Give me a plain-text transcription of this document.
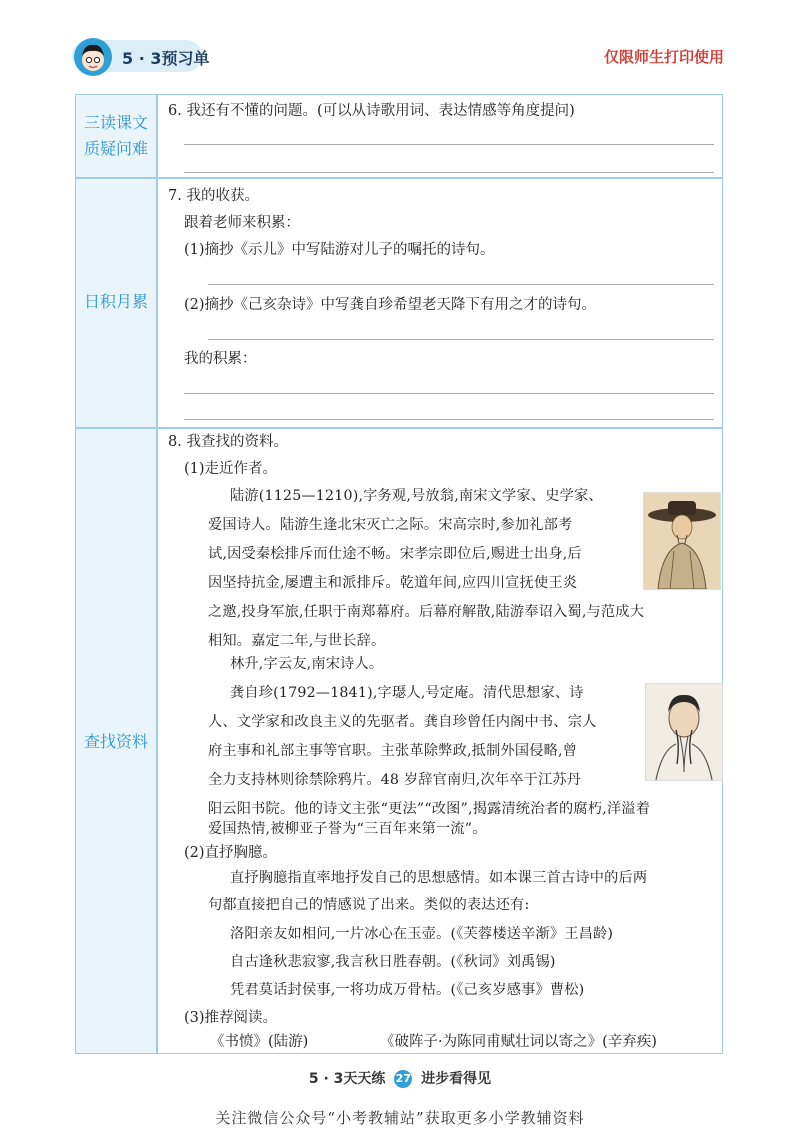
5 · 3预习单	仅限师生打印使用
三读课文
质疑问难
日积月累
查找资料
6. 我还有不懂的问题。(可以从诗歌用词、表达情感等角度提问)
7. 我的收获。
跟着老师来积累：
(1)摘抄《示儿》中写陆游对儿子的嘱托的诗句。
(2)摘抄《己亥杂诗》中写龚自珍希望老天降下有用之才的诗句。
我的积累：
8. 我查找的资料。
(1)走近作者。
陆游(1125—1210),字务观,号放翁,南宋文学家、史学家、
爱国诗人。陆游生逢北宋灭亡之际。宋高宗时,参加礼部考
试,因受秦桧排斥而仕途不畅。宋孝宗即位后,赐进士出身,后
因坚持抗金,屡遭主和派排斥。乾道年间,应四川宣抚使王炎
之邀,投身军旅,任职于南郑幕府。后幕府解散,陆游奉诏入蜀,与范成大
相知。嘉定二年,与世长辞。
林升,字云友,南宋诗人。
龚自珍(1792—1841),字璱人,号定庵。清代思想家、诗
人、文学家和改良主义的先驱者。龚自珍曾任内阁中书、宗人
府主事和礼部主事等官职。主张革除弊政,抵制外国侵略,曾
全力支持林则徐禁除鸦片。48 岁辞官南归,次年卒于江苏丹
阳云阳书院。他的诗文主张“更法”“改图”,揭露清统治者的腐朽,洋溢着
爱国热情,被柳亚子誉为“三百年来第一流”。
(2)直抒胸臆。
直抒胸臆指直率地抒发自己的思想感情。如本课三首古诗中的后两
句都直接把自己的情感说了出来。类似的表达还有:
洛阳亲友如相问,一片冰心在玉壶。(《芙蓉楼送辛渐》王昌龄)
自古逢秋悲寂寥,我言秋日胜春朝。(《秋词》刘禹锡)
凭君莫话封侯事,一将功成万骨枯。(《己亥岁感事》曹松)
(3)推荐阅读。
《书愤》(陆游)	《破阵子·为陈同甫赋壮词以寄之》(辛弃疾)
5 · 3天天练 27 进步看得见
关注微信公众号“小考教辅站”获取更多小学教辅资料
